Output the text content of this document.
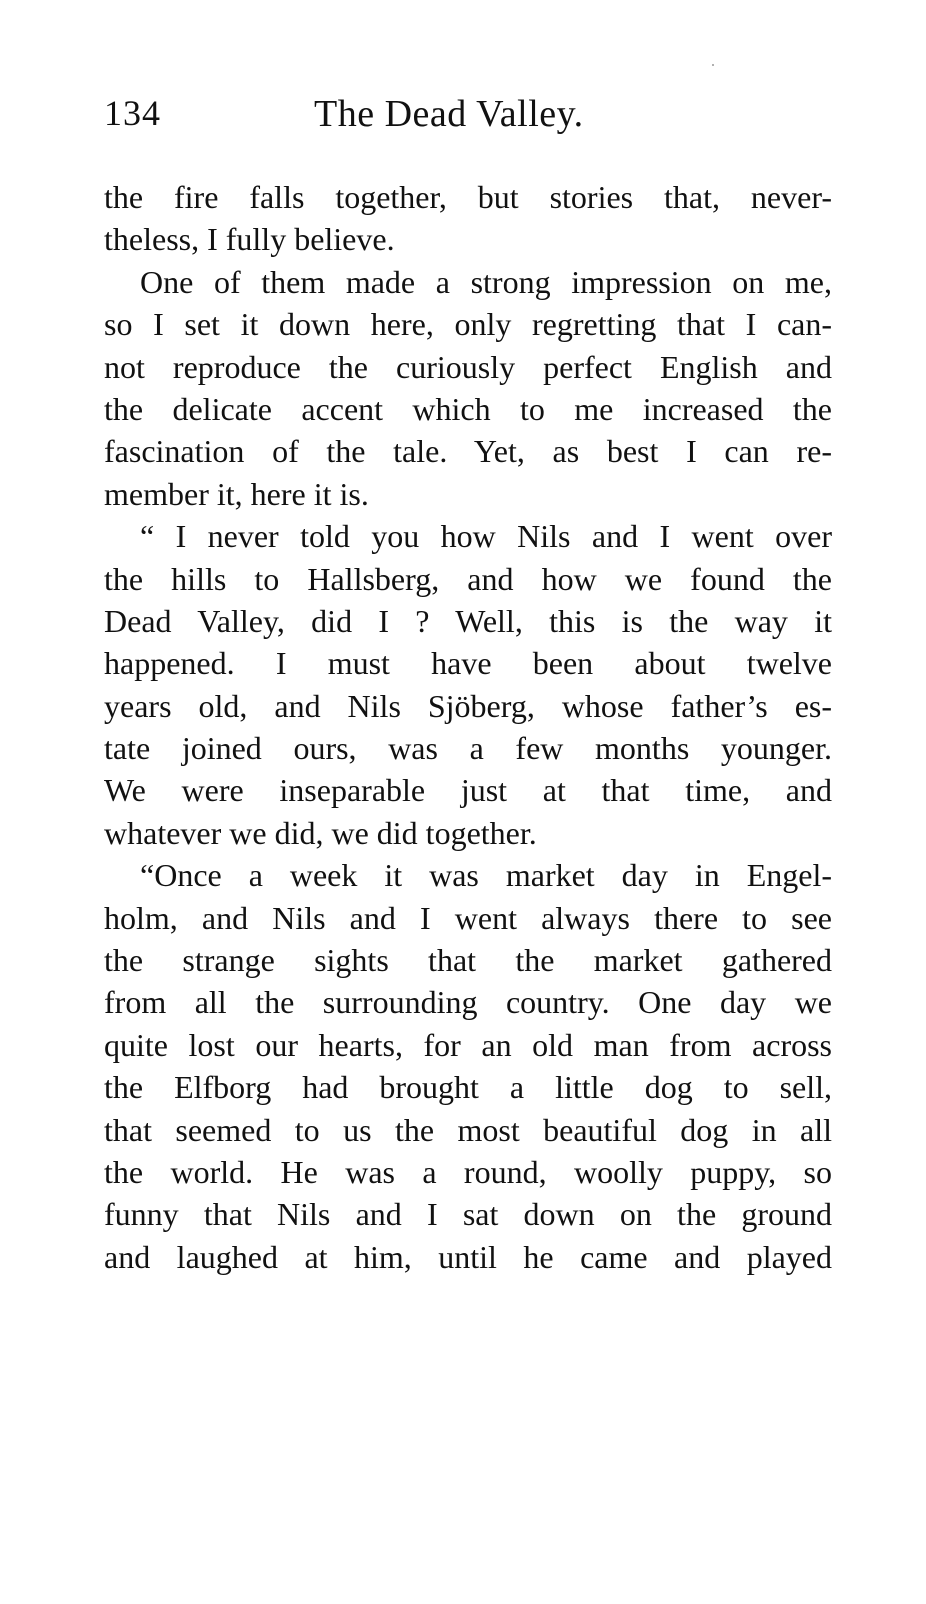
134	The Dead Valley.
the fire falls together, but stories that, never-
theless, I fully believe.
One of them made a strong impression on me,
so I set it down here, only regretting that I can-
not reproduce the curiously perfect English and
the delicate accent which to me increased the
fascination of the tale. Yet, as best I can re-
member it, here it is.
“ I never told you how Nils and I went over
the hills to Hallsberg, and how we found the
Dead Valley, did I ? Well, this is the way it
happened. I must have been about twelve
years old, and Nils Sjöberg, whose father’s es-
tate joined ours, was a few months younger.
We were inseparable just at that time, and
whatever we did, we did together.
“Once a week it was market day in Engel-
holm, and Nils and I went always there to see
the strange sights that the market gathered
from all the surrounding country. One day we
quite lost our hearts, for an old man from across
the Elfborg had brought a little dog to sell,
that seemed to us the most beautiful dog in all
the world. He was a round, woolly puppy, so
funny that Nils and I sat down on the ground
and laughed at him, until he came and played
